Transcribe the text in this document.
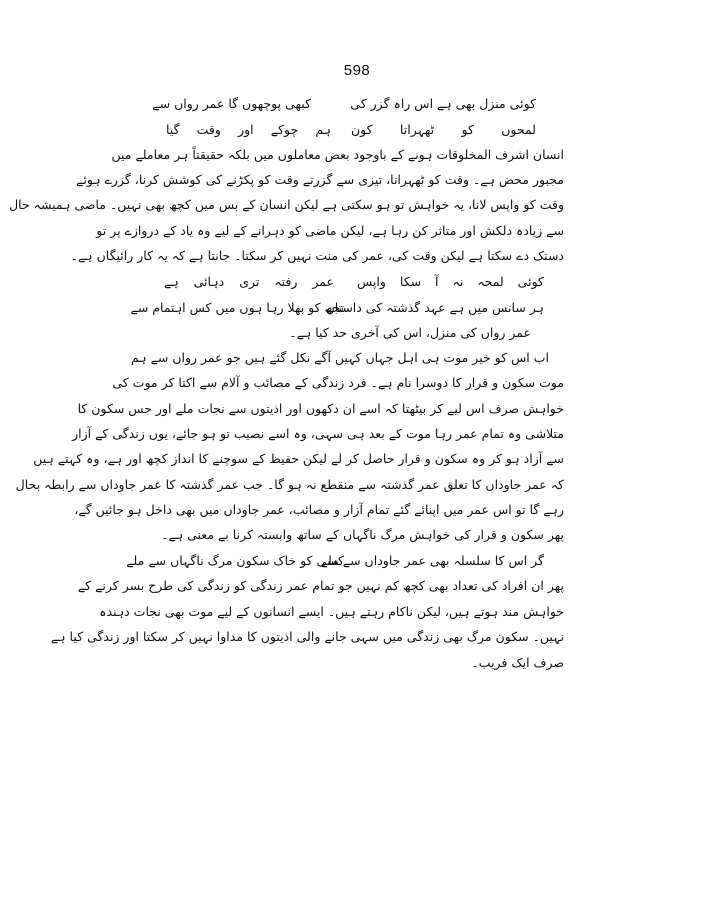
598
کوئی منزل بھی ہے اس راہ گزر کی
کبھی پوچھوں گا عمر رواں سے
لمحوں کو ٹھہراتا کون
ہم چوکے اور وقت گیا
انسان اشرف المخلوقات ہونے کے باوجود بعض معاملوں میں بلکہ حقیقتاً ہر معاملے میں
مجبور محض ہے۔ وقت کو ٹھہرانا، تیزی سے گزرتے وقت کو پکڑنے کی کوشش کرنا، گزرے ہوئے
وقت کو واپس لانا، یہ خواہش تو ہو سکتی ہے لیکن انسان کے بس میں کچھ بھی نہیں۔ ماضی ہمیشہ حال
سے زیادہ دلکش اور متاثر کن رہا ہے، لیکن ماضی کو دہرانے کے لیے وہ یاد کے دروازے پر تو
دستک دے سکتا ہے لیکن وقت کی، عمر کی منت نہیں کر سکتا۔ جانتا ہے کہ یہ کار رائیگاں ہے۔
کوئی لمحہ نہ آ سکا واپس
عمر رفتہ تری دہائی ہے
ہر سانس میں ہے عہد گذشتہ کی داستاں
تجھ کو بھلا رہا ہوں میں کس اہتمام سے
عمر رواں کی منزل، اس کی آخری حد کیا ہے۔
اب اس کو خیر موت ہی اہل جہاں کہیں آگے نکل گئے ہیں جو عمر رواں سے ہم
موت سکون و قرار کا دوسرا نام ہے۔ فرد زندگی کے مصائب و آلام سے اکتا کر موت کی
خواہش صرف اس لیے کر بیٹھتا کہ اسے ان دکھوں اور اذیتوں سے نجات ملے اور جس سکون کا
متلاشی وہ تمام عمر رہا موت کے بعد ہی سہی، وہ اسے نصیب تو ہو جائے، یوں زندگی کے آزار
سے آزاد ہو کر وہ سکون و قرار حاصل کر لے لیکن حفیظ کے سوچنے کا انداز کچھ اور ہے، وہ کہتے ہیں
کہ عمر جاوداں کا تعلق عمر گذشتہ سے منقطع نہ ہو گا۔ جب عمر گذشتہ کا عمر جاوداں سے رابطہ بحال
رہے گا تو اس عمر میں اپنائے گئے تمام آزار و مصائب، عمر جاوداں میں بھی داخل ہو جائیں گے،
پھر سکون و قرار کی خواہش مرگ ناگہاں کے ساتھ وابستہ کرنا بے معنی ہے۔
گر اس کا سلسلہ بھی عمر جاوداں سے ملے
کسی کو خاک سکون مرگ ناگہاں سے ملے
پھر ان افراد کی تعداد بھی کچھ کم نہیں جو تمام عمر زندگی کو زندگی کی طرح بسر کرنے کے
خواہش مند ہوتے ہیں، لیکن ناکام رہتے ہیں۔ ایسے انسانوں کے لیے موت بھی نجات دہندہ
نہیں۔ سکون مرگ بھی زندگی میں سہی جانے والی اذیتوں کا مداوا نہیں کر سکتا اور زندگی کیا ہے
صرف ایک فریب۔
